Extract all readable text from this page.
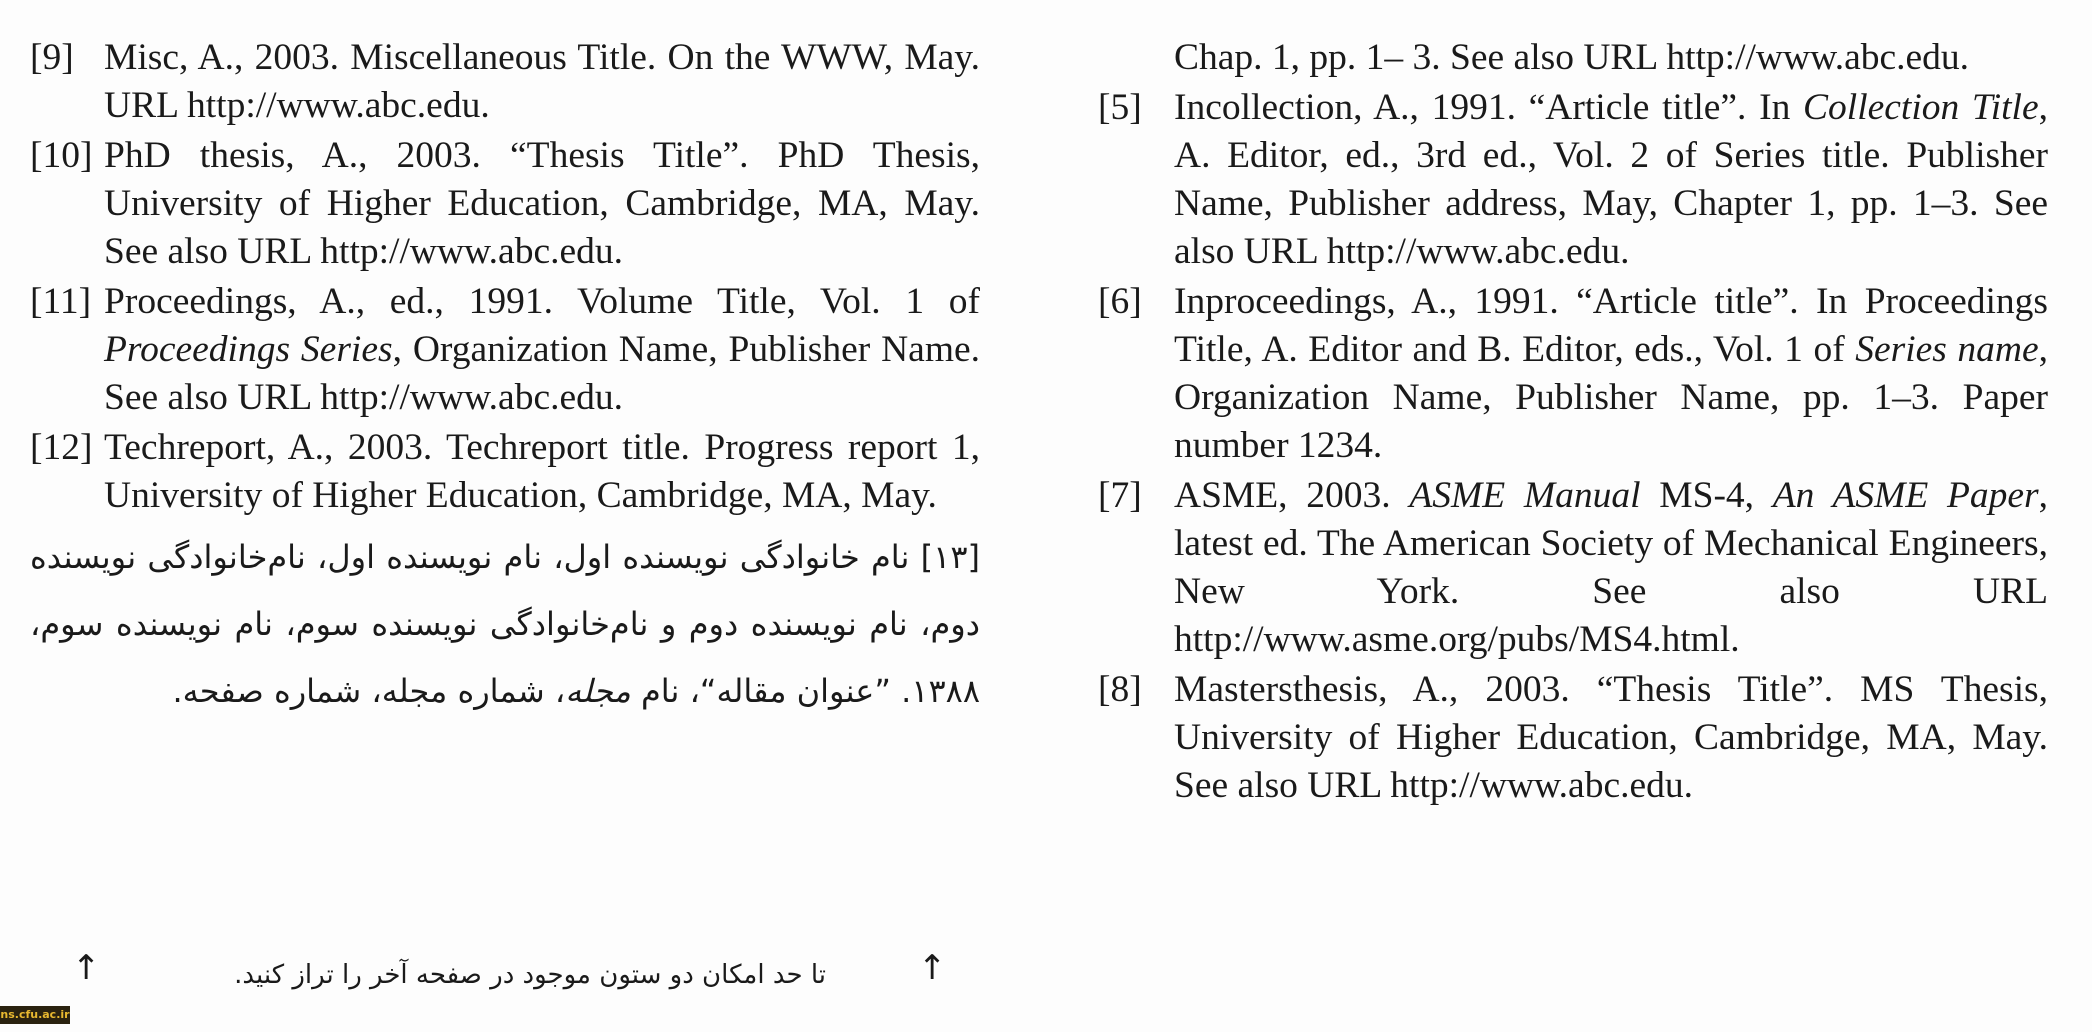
[9] Misc, A., 2003. Miscellaneous Title. On the WWW, May. URL http://www.abc.edu.
[10] PhD thesis, A., 2003. “Thesis Title”. PhD Thesis, University of Higher Education, Cambridge, MA, May. See also URL http://www.abc.edu.
[11] Proceedings, A., ed., 1991. Volume Title, Vol. 1 of Proceedings Series, Organization Name, Publisher Name. See also URL http://www.abc.edu.
[12] Techreport, A., 2003. Techreport title. Progress report 1, University of Higher Education, Cambridge, MA, May.
[۱۳] نام خانوادگی نویسنده اول، نام نویسنده اول، نام‌خانوادگی نویسنده دوم، نام نویسنده دوم و نام‌خانوادگی نویسنده سوم، نام نویسنده سوم، ۱۳۸۸. ”عنوان مقاله“، نام مجله، شماره مجله، شماره صفحه.
Chap. 1, pp. 1– 3. See also URL http://www.abc.edu.
[5] Incollection, A., 1991. “Article title”. In Collection Title, A. Editor, ed., 3rd ed., Vol. 2 of Series title. Publisher Name, Publisher address, May, Chapter 1, pp. 1–3. See also URL http://www.abc.edu.
[6] Inproceedings, A., 1991. “Article title”. In Proceedings Title, A. Editor and B. Editor, eds., Vol. 1 of Series name, Organization Name, Publisher Name, pp. 1–3. Paper number 1234.
[7] ASME, 2003. ASME Manual MS-4, An ASME Paper, latest ed. The American Society of Mechanical Engineers, New York. See also URL http://www.asme.org/pubs/MS4.html.
[8] Mastersthesis, A., 2003. “Thesis Title”. MS Thesis, University of Higher Education, Cambridge, MA, May. See also URL http://www.abc.edu.
↑	تا حد امکان دو ستون موجود در صفحه آخر را تراز کنید.	↑
ns.cfu.ac.ir
